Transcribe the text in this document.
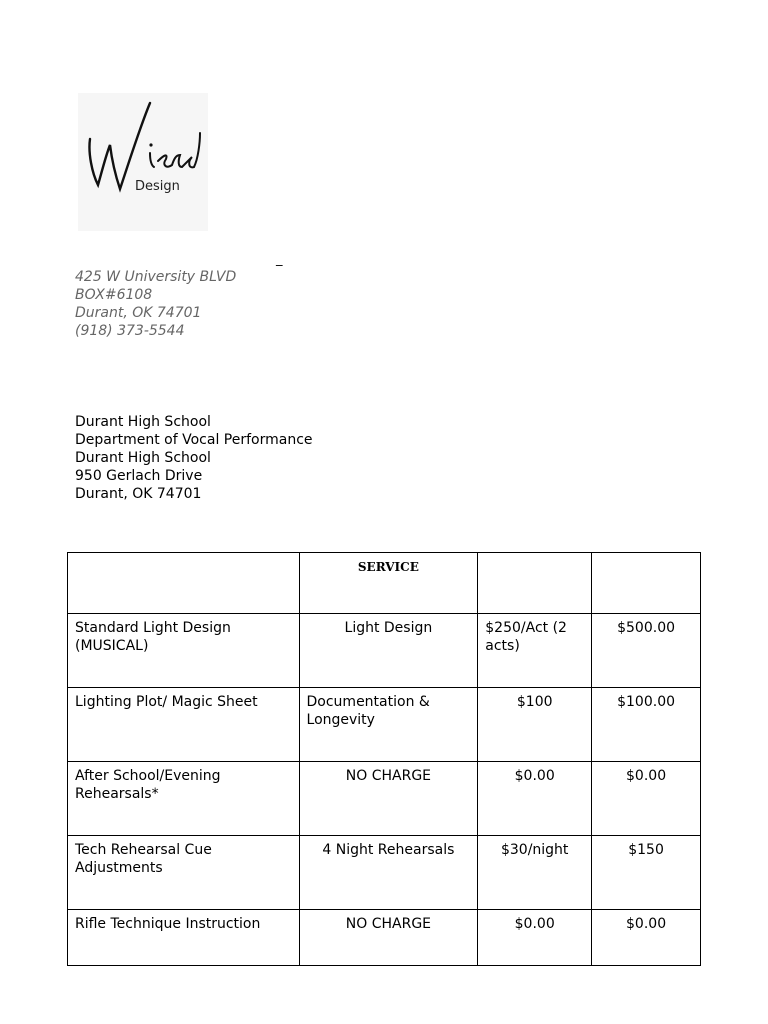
Design
_
425 W University BLVD
BOX#6108
Durant, OK 74701
(918) 373-5544
Durant High School
Department of Vocal Performance
Durant High School
950 Gerlach Drive
Durant, OK 74701

	SERVICE		

Standard Light Design (MUSICAL)	Light Design	$250/Act (2 acts)	$500.00
Lighting Plot/ Magic Sheet	Documentation & Longevity	$100	$100.00
After School/Evening Rehearsals*	NO CHARGE	$0.00	$0.00
Tech Rehearsal Cue Adjustments	4 Night Rehearsals	$30/night	$150
Rifle Technique Instruction	NO CHARGE	$0.00	$0.00
